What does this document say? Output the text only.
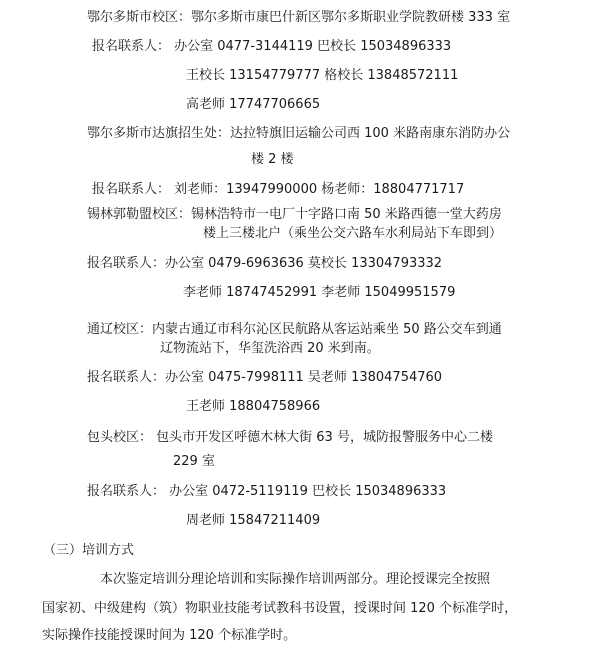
鄂尔多斯市校区：鄂尔多斯市康巴什新区鄂尔多斯职业学院教研楼 333 室
报名联系人： 办公室 0477-3144119 巴校长 15034896333
王校长 13154779777 格校长 13848572111
高老师 17747706665
鄂尔多斯市达旗招生处：达拉特旗旧运输公司西 100 米路南康东消防办公
楼 2 楼
报名联系人： 刘老师：13947990000 杨老师：18804771717
锡林郭勒盟校区：锡林浩特市一电厂十字路口南 50 米路西德一堂大药房
楼上三楼北户（乘坐公交六路车水利局站下车即到）
报名联系人：办公室 0479-6963636 莫校长 13304793332
李老师 18747452991 李老师 15049951579
通辽校区：内蒙古通辽市科尔沁区民航路从客运站乘坐 50 路公交车到通
辽物流站下，华玺洗浴西 20 米到南。
报名联系人：办公室 0475-7998111 吴老师 13804754760
王老师 18804758966
包头校区： 包头市开发区呼德木林大街 63 号，城防报警服务中心二楼
229 室
报名联系人： 办公室 0472-5119119 巴校长 15034896333
周老师 15847211409
（三）培训方式
本次鉴定培训分理论培训和实际操作培训两部分。理论授课完全按照
国家初、中级建构（筑）物职业技能考试教科书设置，授课时间 120 个标准学时，
实际操作技能授课时间为 120 个标准学时。
